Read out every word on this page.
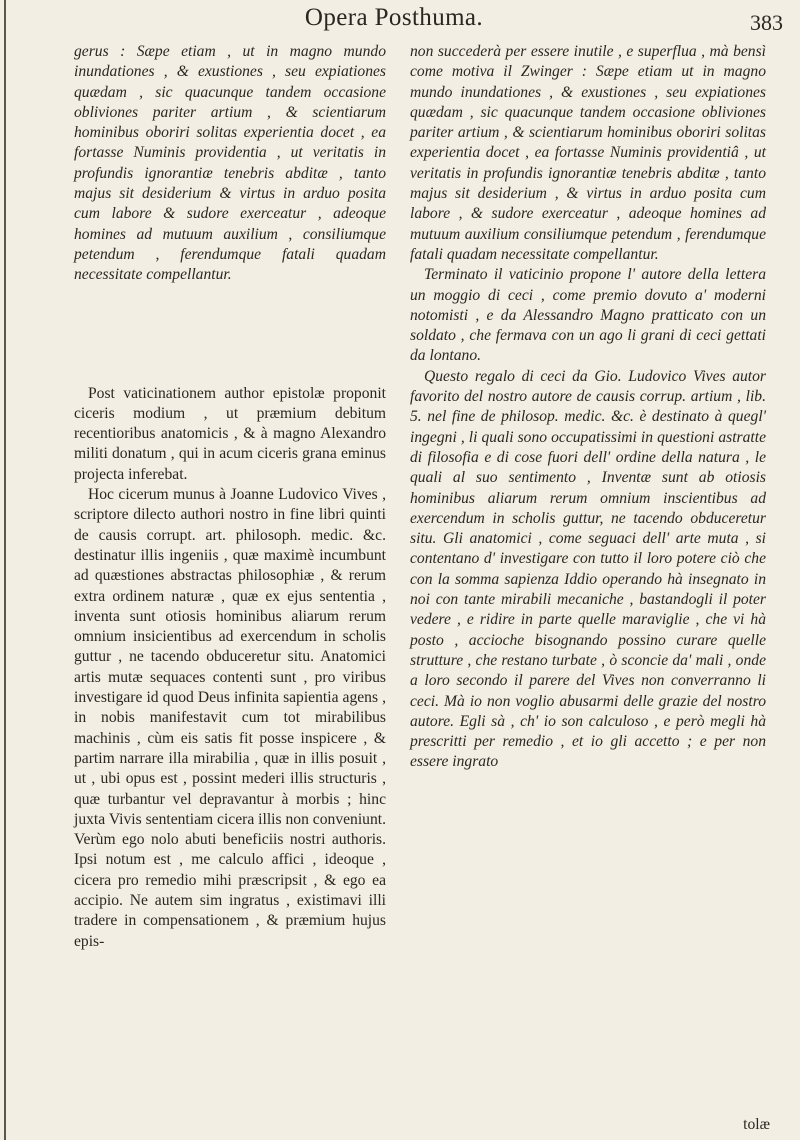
Opera Posthuma.	383

gerus : Sæpe etiam , ut in magno mundo inundationes , & exustiones , seu expiationes quædam , sic quacunque tandem occasione obliviones pariter artium , & scientiarum hominibus oboriri solitas experientia docet , ea fortasse Numinis providentia , ut veritatis in profundis ignorantiæ tenebris abditæ , tanto majus sit desiderium & virtus in arduo posita cum labore & sudore exerceatur , adeoque homines ad mutuum auxilium , consiliumque petendum , ferendumque fatali quadam necessitate compellantur.

Post vaticinationem author epistolæ proponit ciceris modium , ut præmium debitum recentioribus anatomicis , & à magno Alexandro militi donatum , qui in acum ciceris grana eminus projecta inferebat.

Hoc cicerum munus à Joanne Ludovico Vives , scriptore dilecto authori nostro in fine libri quinti de causis corrupt. art. philosoph. medic. &c. destinatur illis ingeniis , quæ maximè incumbunt ad quæstiones abstractas philosophiæ , & rerum extra ordinem naturæ , quæ ex ejus sententia , inventa sunt otiosis hominibus aliarum rerum omnium insicientibus ad exercendum in scholis guttur , ne tacendo obduceretur situ. Anatomici artis mutæ sequaces contenti sunt , pro viribus investigare id quod Deus infinita sapientia agens , in nobis manifestavit cum tot mirabilibus machinis , cùm eis satis fit posse inspicere , & partim narrare illa mirabilia , quæ in illis posuit , ut , ubi opus est , possint mederi illis structuris , quæ turbantur vel depravantur à morbis ; hinc juxta Vivis sententiam cicera illis non conveniunt. Verùm ego nolo abuti beneficiis nostri authoris. Ipsi notum est , me calculo affici , ideoque , cicera pro remedio mihi præscripsit , & ego ea accipio. Ne autem sim ingratus , existimavi illi tradere in compensationem , & præmium hujus epis-

non succederà per essere inutile , e superflua , mà bensì come motiva il Zwinger : Sæpe etiam ut in magno mundo inundationes , & exustiones , seu expiationes quædam , sic quacunque tandem occasione obliviones pariter artium , & scientiarum hominibus oboriri solitas experientia docet , ea fortasse Numinis providentiâ , ut veritatis in profundis ignorantiæ tenebris abditæ , tanto majus sit desiderium , & virtus in arduo posita cum labore , & sudore exerceatur , adeoque homines ad mutuum auxilium consiliumque petendum , ferendumque fatali quadam necessitate compellantur.

Terminato il vaticinio propone l' autore della lettera un moggio di ceci , come premio dovuto a' moderni notomisti , e da Alessandro Magno pratticato con un soldato , che fermava con un ago li grani di ceci gettati da lontano.

Questo regalo di ceci da Gio. Ludovico Vives autor favorito del nostro autore de causis corrup. artium , lib. 5. nel fine de philosop. medic. &c. è destinato à quegl' ingegni , li quali sono occupatissimi in questioni astratte di filosofia e di cose fuori dell' ordine della natura , le quali al suo sentimento , Inventæ sunt ab otiosis hominibus aliarum rerum omnium inscientibus ad exercendum in scholis guttur, ne tacendo obduceretur situ. Gli anatomici , come seguaci dell' arte muta , si contentano d' investigare con tutto il loro potere ciò che con la somma sapienza Iddio operando hà insegnato in noi con tante mirabili mecaniche , bastandogli il poter vedere , e ridire in parte quelle maraviglie , che vi hà posto , accioche bisognando possino curare quelle strutture , che restano turbate , ò sconcie da' mali , onde a loro secondo il parere del Vives non converranno li ceci. Mà io non voglio abusarmi delle grazie del nostro autore. Egli sà , ch' io son calculoso , e però megli hà prescritti per remedio , et io gli accetto ; e per non essere ingrato

tolæ
